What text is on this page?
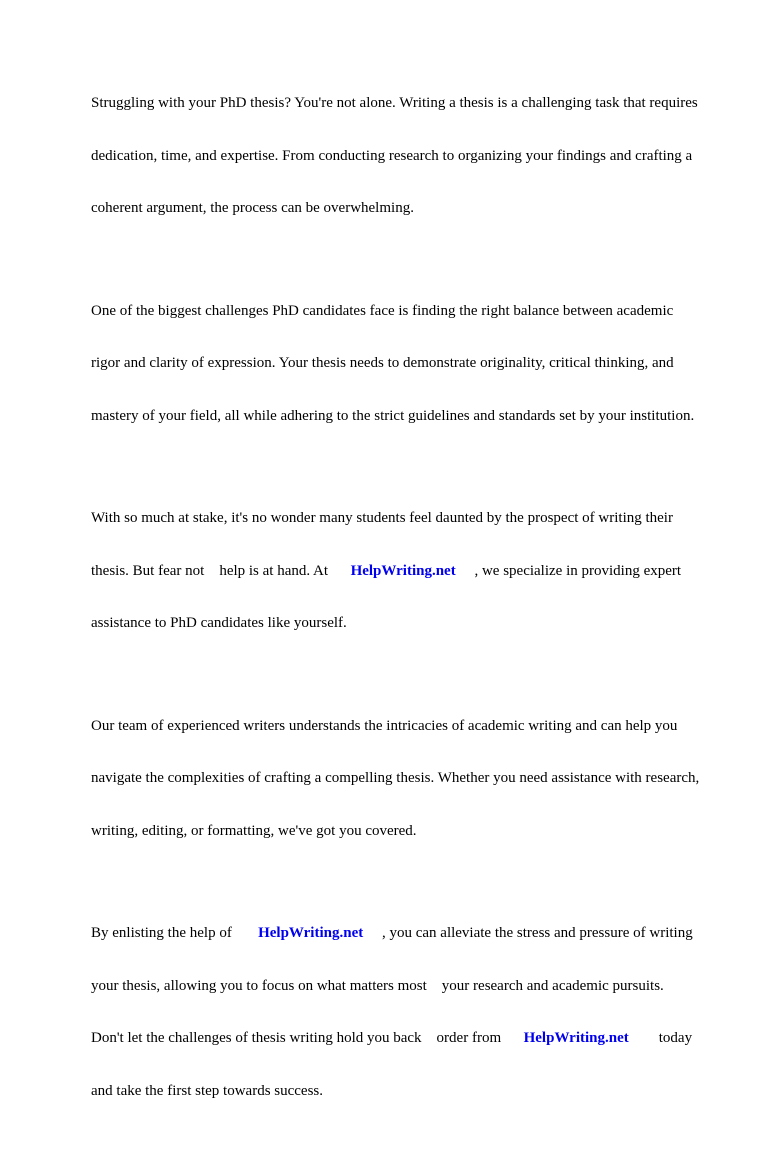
Struggling with your PhD thesis? You're not alone. Writing a thesis is a challenging task that requires

dedication, time, and expertise. From conducting research to organizing your findings and crafting a

coherent argument, the process can be overwhelming.

One of the biggest challenges PhD candidates face is finding the right balance between academic

rigor and clarity of expression. Your thesis needs to demonstrate originality, critical thinking, and

mastery of your field, all while adhering to the strict guidelines and standards set by your institution.

With so much at stake, it's no wonder many students feel daunted by the prospect of writing their

thesis. But fear not    help is at hand. At      HelpWriting.net     , we specialize in providing expert

assistance to PhD candidates like yourself.

Our team of experienced writers understands the intricacies of academic writing and can help you

navigate the complexities of crafting a compelling thesis. Whether you need assistance with research,

writing, editing, or formatting, we've got you covered.

By enlisting the help of       HelpWriting.net     , you can alleviate the stress and pressure of writing

your thesis, allowing you to focus on what matters most    your research and academic pursuits.

Don't let the challenges of thesis writing hold you back    order from      HelpWriting.net        today

and take the first step towards success.
